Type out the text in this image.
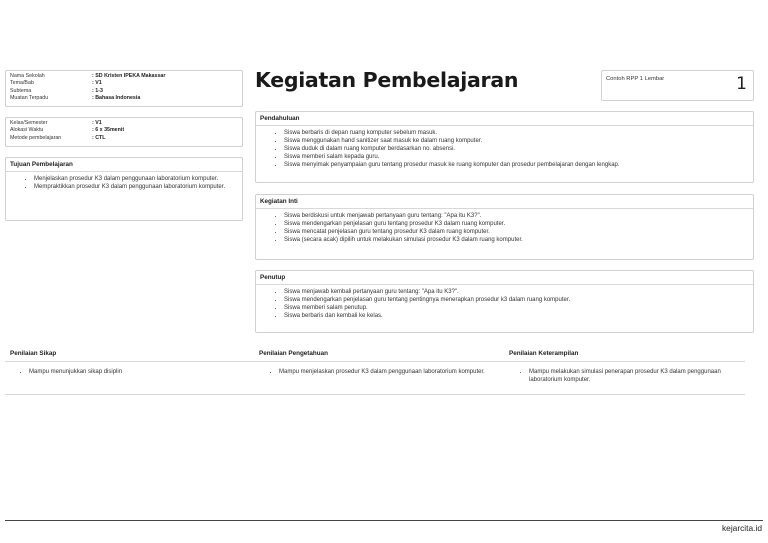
Nama Sekolah	: SD Kristen IPEKA Makassar
Tema/Bab	: V1
Subtema	: 1-3
Muatan Terpadu	: Bahasa Indonesia
Kelas/Semester	: V1
Alokasi Waktu	: 6 x 35menit
Metode pembelajaran	: CTL
Tujuan Pembelajaran
• Menjelaskan prosedur K3 dalam penggunaan laboratorium komputer.
• Mempraktikkan prosedur K3 dalam penggunaan laboratorium komputer.
Kegiatan Pembelajaran	Contoh RPP 1 Lembar	1
Pendahuluan
• Siswa berbaris di depan ruang komputer sebelum masuk.
• Siswa menggunakan hand sanitizer saat masuk ke dalam ruang komputer.
• Siswa duduk di dalam ruang komputer berdasarkan no. absensi.
• Siswa memberi salam kepada guru.
• Siswa menyimak penyampaian guru tentang prosedur masuk ke ruang komputer dan prosedur pembelajaran dengan lengkap.
Kegiatan Inti
• Siswa berdiskusi untuk menjawab pertanyaan guru tentang: "Apa itu K3?".
• Siswa mendengarkan penjelasan guru tentang prosedur K3 dalam ruang komputer.
• Siswa mencatat penjelasan guru tentang prosedur K3 dalam ruang komputer.
• Siswa (secara acak) dipilih untuk melakukan simulasi prosedur K3 dalam ruang komputer.
Penutup
• Siswa menjawab kembali pertanyaan guru tentang: "Apa itu K3?".
• Siswa mendengarkan penjelasan guru tentang pentingnya menerapkan prosedur k3 dalam ruang komputer.
• Siswa memberi salam penutup.
• Siswa berbaris dan kembali ke kelas.
Penilaian Sikap	Penilaian Pengetahuan	Penilaian Keterampilan
• Mampu menunjukkan sikap disiplin	• Mampu menjelaskan prosedur K3 dalam penggunaan laboratorium komputer.	• Mampu melakukan simulasi penerapan prosedur K3 dalam penggunaan laboratorium komputer.
kejarcita.id
